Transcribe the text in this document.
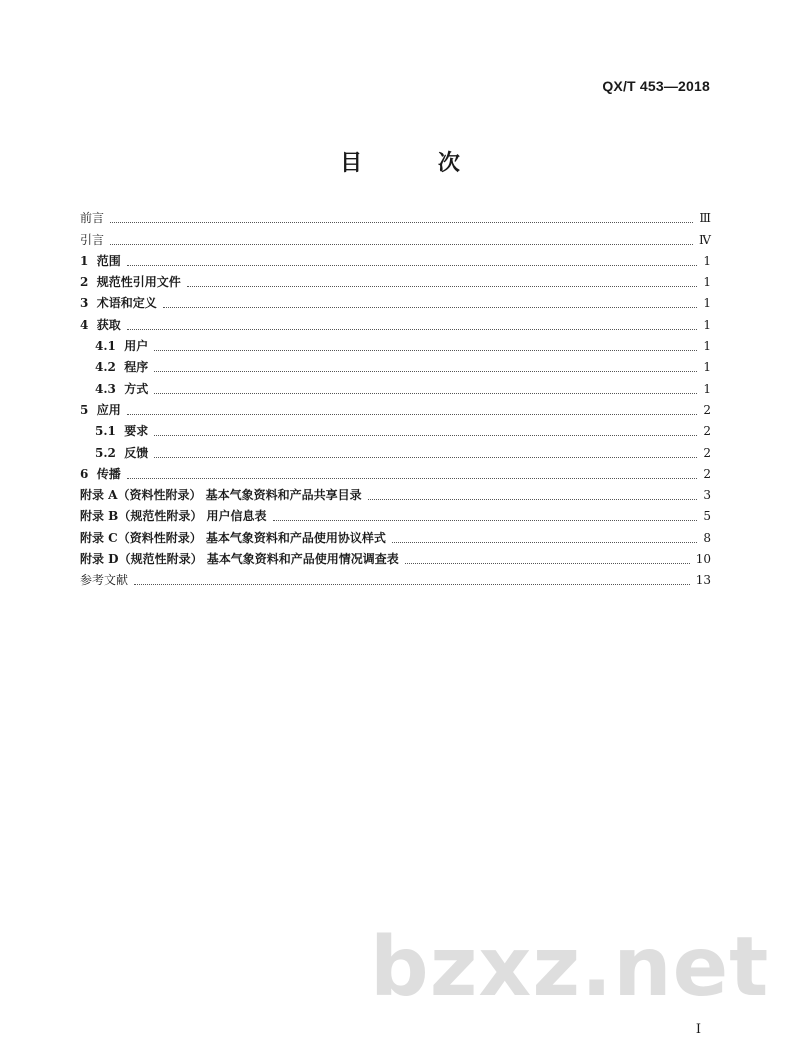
QX/T 453—2018
目 次
前言	Ⅲ
引言	Ⅳ
1  范围	1
2  规范性引用文件	1
3  术语和定义	1
4  获取	1
4.1  用户	1
4.2  程序	1
4.3  方式	1
5  应用	2
5.1  要求	2
5.2  反馈	2
6  传播	2
附录 A（资料性附录） 基本气象资料和产品共享目录	3
附录 B（规范性附录） 用户信息表	5
附录 C（资料性附录） 基本气象资料和产品使用协议样式	8
附录 D（规范性附录） 基本气象资料和产品使用情况调查表	10
参考文献	13
bzxz.net
I
